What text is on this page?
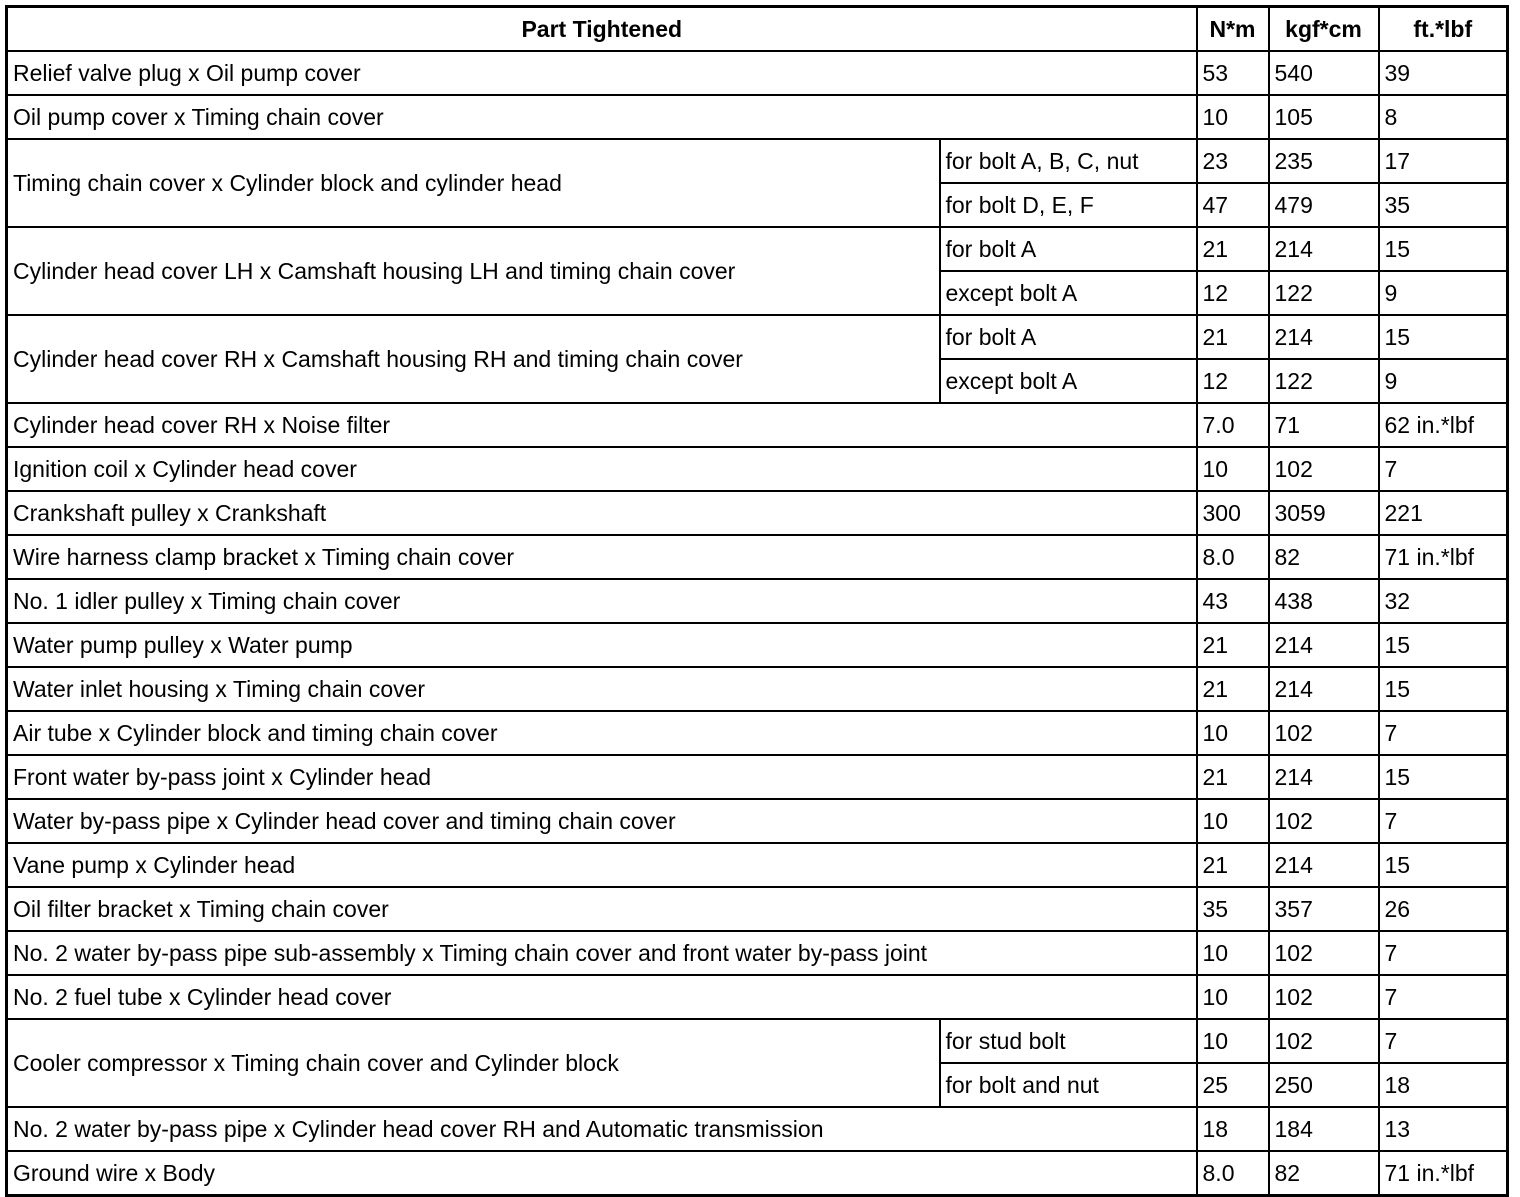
Part Tightened		N*m	kgf*cm	ft.*lbf
Relief valve plug x Oil pump cover		53	540	39
Oil pump cover x Timing chain cover		10	105	8
Timing chain cover x Cylinder block and cylinder head	for bolt A, B, C, nut	23	235	17
	for bolt D, E, F	47	479	35
Cylinder head cover LH x Camshaft housing LH and timing chain cover	for bolt A	21	214	15
	except bolt A	12	122	9
Cylinder head cover RH x Camshaft housing RH and timing chain cover	for bolt A	21	214	15
	except bolt A	12	122	9
Cylinder head cover RH x Noise filter		7.0	71	62 in.*lbf
Ignition coil x Cylinder head cover		10	102	7
Crankshaft pulley x Crankshaft		300	3059	221
Wire harness clamp bracket x Timing chain cover		8.0	82	71 in.*lbf
No. 1 idler pulley x Timing chain cover		43	438	32
Water pump pulley x Water pump		21	214	15
Water inlet housing x Timing chain cover		21	214	15
Air tube x Cylinder block and timing chain cover		10	102	7
Front water by-pass joint x Cylinder head		21	214	15
Water by-pass pipe x Cylinder head cover and timing chain cover		10	102	7
Vane pump x Cylinder head		21	214	15
Oil filter bracket x Timing chain cover		35	357	26
No. 2 water by-pass pipe sub-assembly x Timing chain cover and front water by-pass joint		10	102	7
No. 2 fuel tube x Cylinder head cover		10	102	7
Cooler compressor x Timing chain cover and Cylinder block	for stud bolt	10	102	7
	for bolt and nut	25	250	18
No. 2 water by-pass pipe x Cylinder head cover RH and Automatic transmission		18	184	13
Ground wire x Body		8.0	82	71 in.*lbf
